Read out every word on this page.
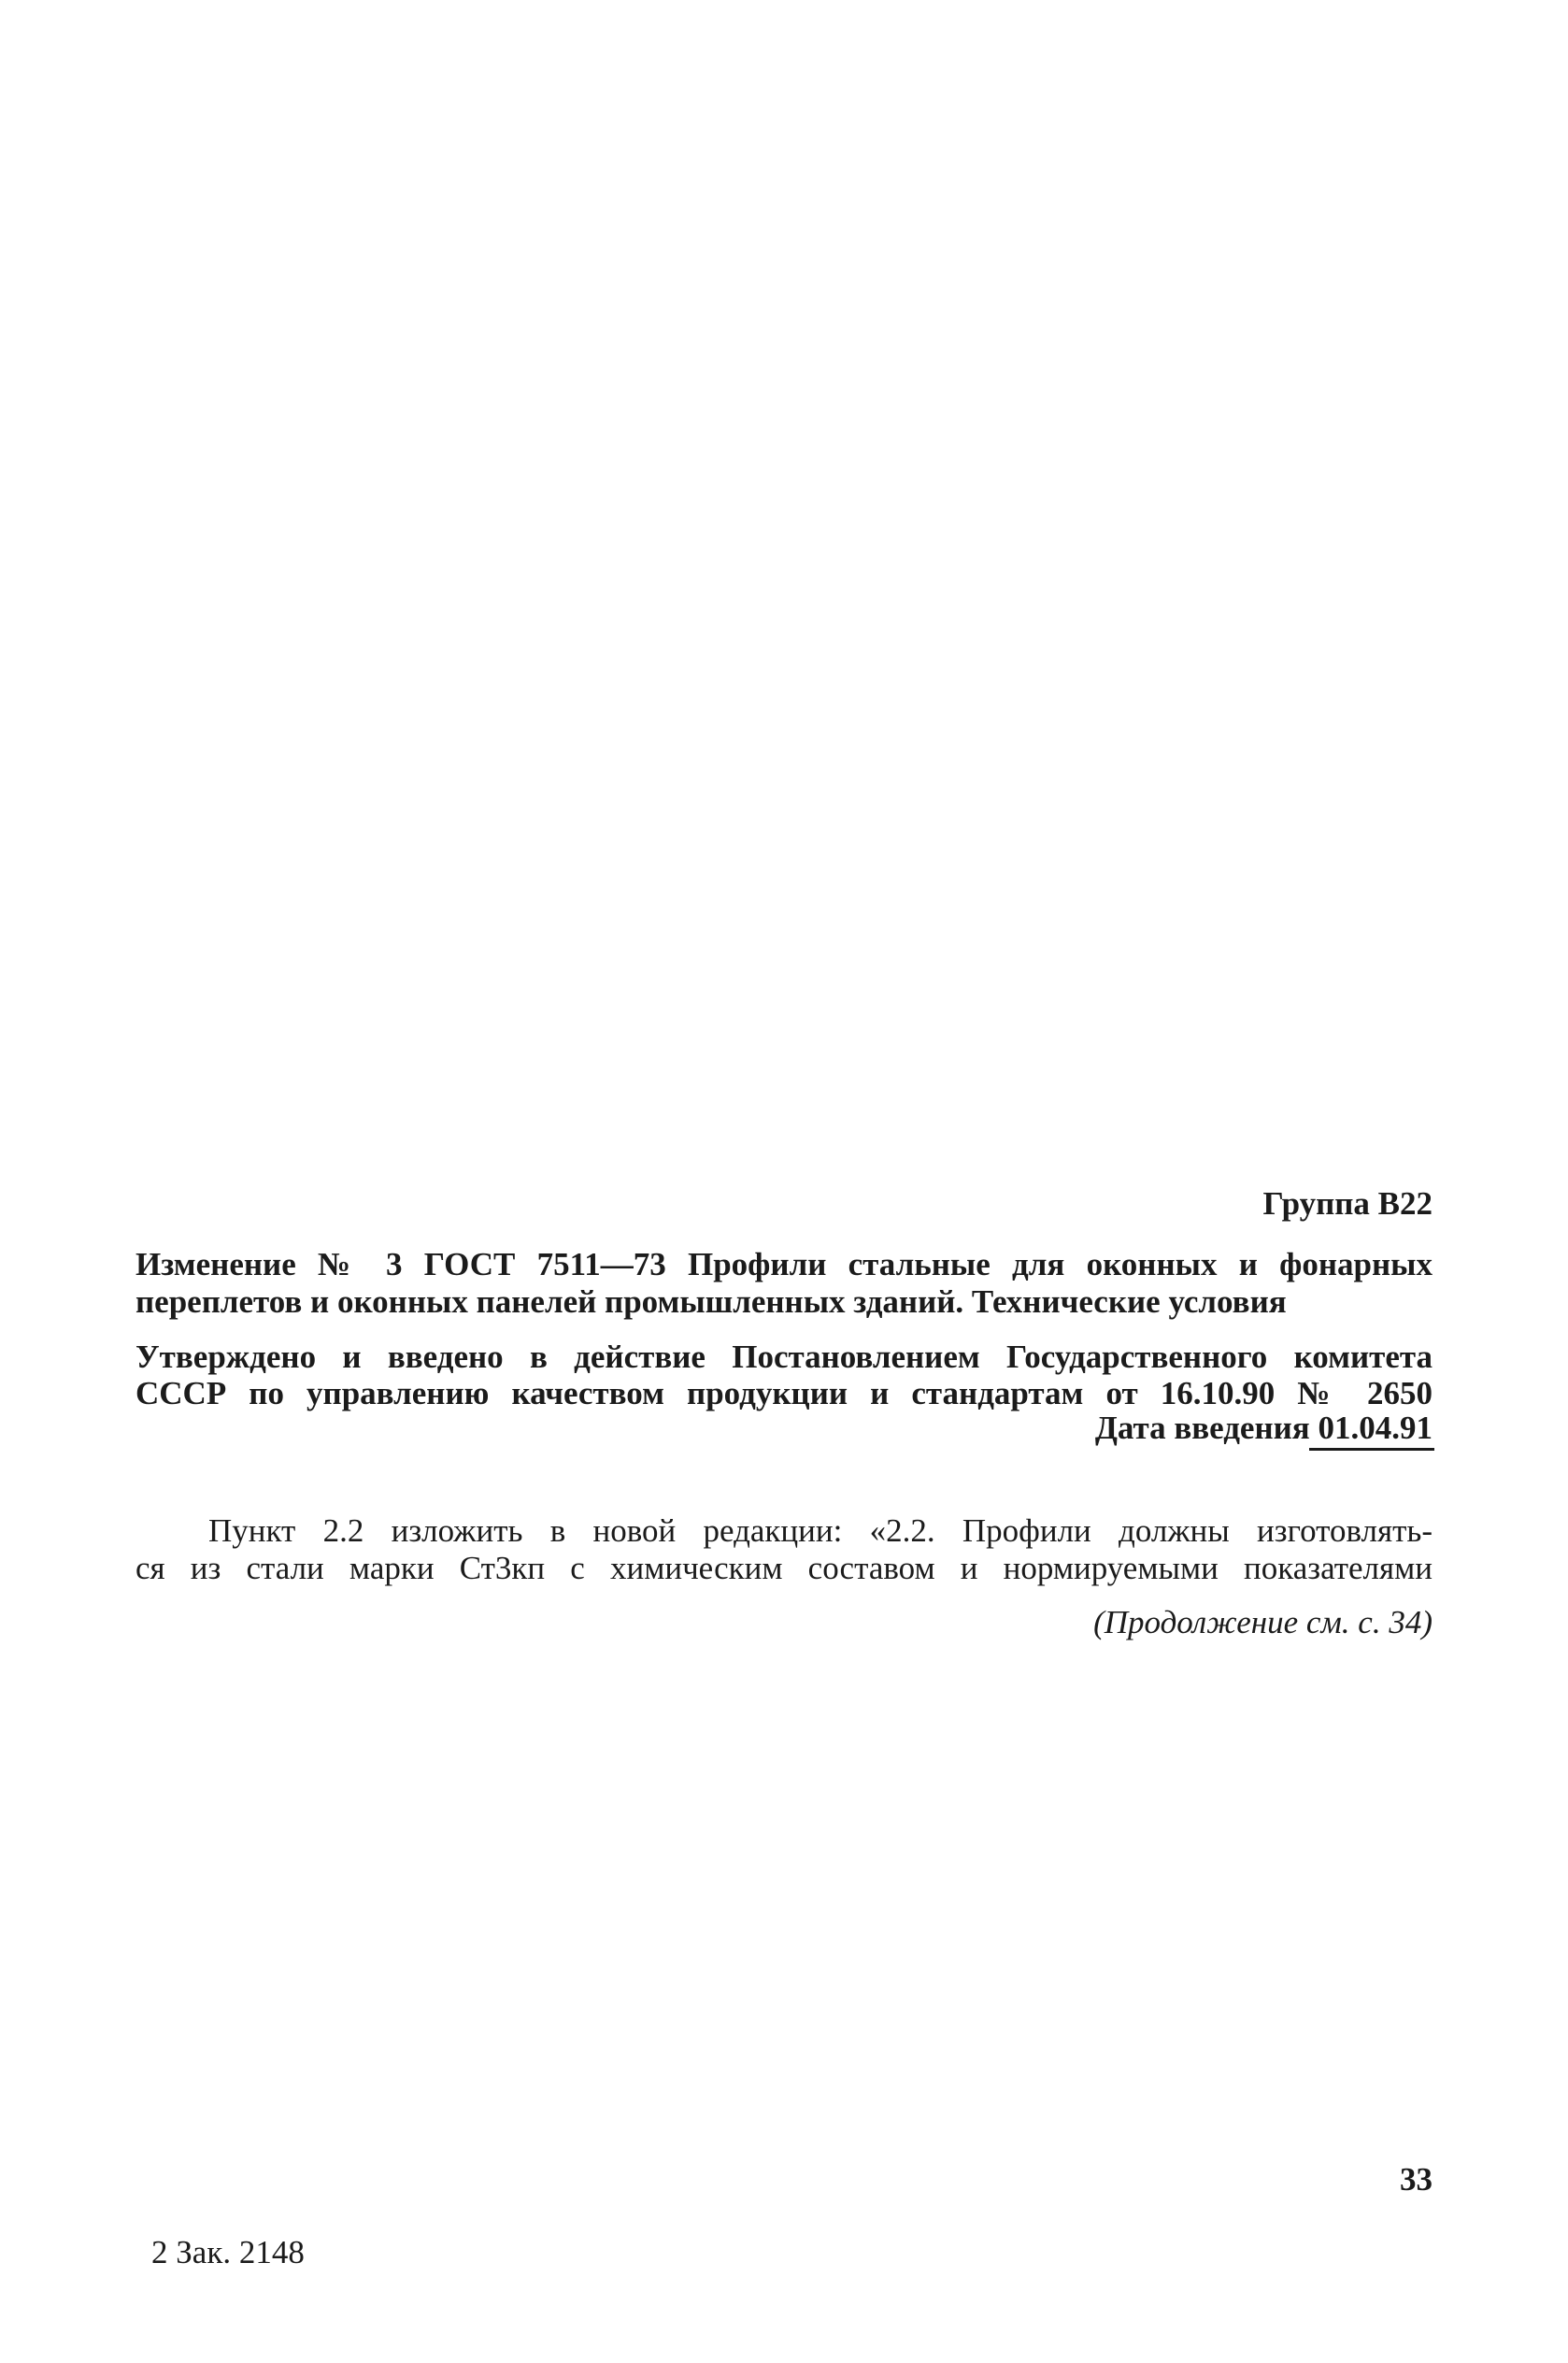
Группа В22
Изменение № 3 ГОСТ 7511—73 Профили стальные для оконных и фонарных
переплетов и оконных панелей промышленных зданий. Технические условия
Утверждено и введено в действие Постановлением Государственного комитета
СССР по управлению качеством продукции и стандартам от 16.10.90 № 2650
Дата введения 01.04.91
Пункт 2.2 изложить в новой редакции: «2.2. Профили должны изготовлять-
ся из стали марки Ст3кп с химическим составом и нормируемыми показателями
(Продолжение см. с. 34)
33
2 Зак. 2148
